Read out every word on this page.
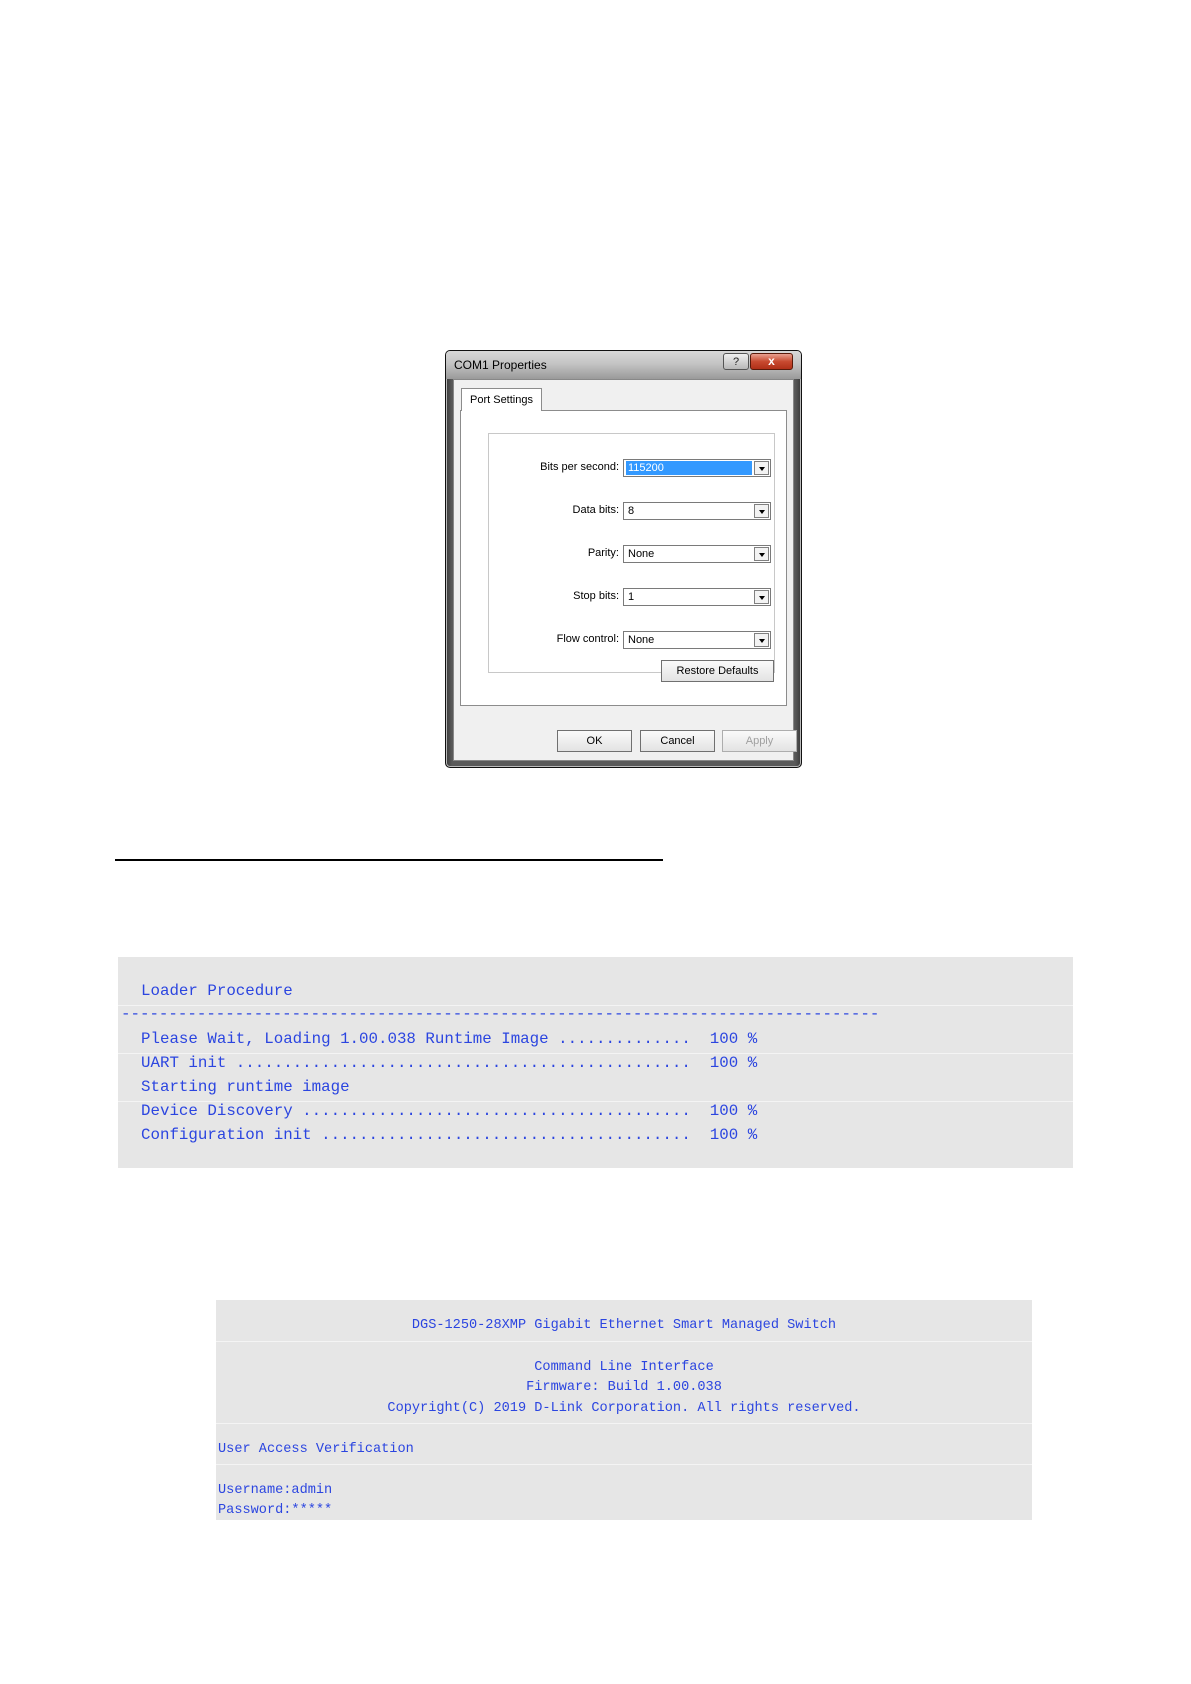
COM1 Properties	?	x
Port Settings
Bits per second: 115200
Data bits: 8
Parity: None
Stop bits: 1
Flow control: None
Restore Defaults
OK	Cancel	Apply
Loader Procedure
--------------------------------------------------------------------------------
Please Wait, Loading 1.00.038 Runtime Image ..............  100 %
UART init ................................................  100 %
Starting runtime image
Device Discovery .........................................  100 %
Configuration init .......................................  100 %
DGS-1250-28XMP Gigabit Ethernet Smart Managed Switch
Command Line Interface
Firmware: Build 1.00.038
Copyright(C) 2019 D-Link Corporation. All rights reserved.
User Access Verification
Username:admin
Password:*****
